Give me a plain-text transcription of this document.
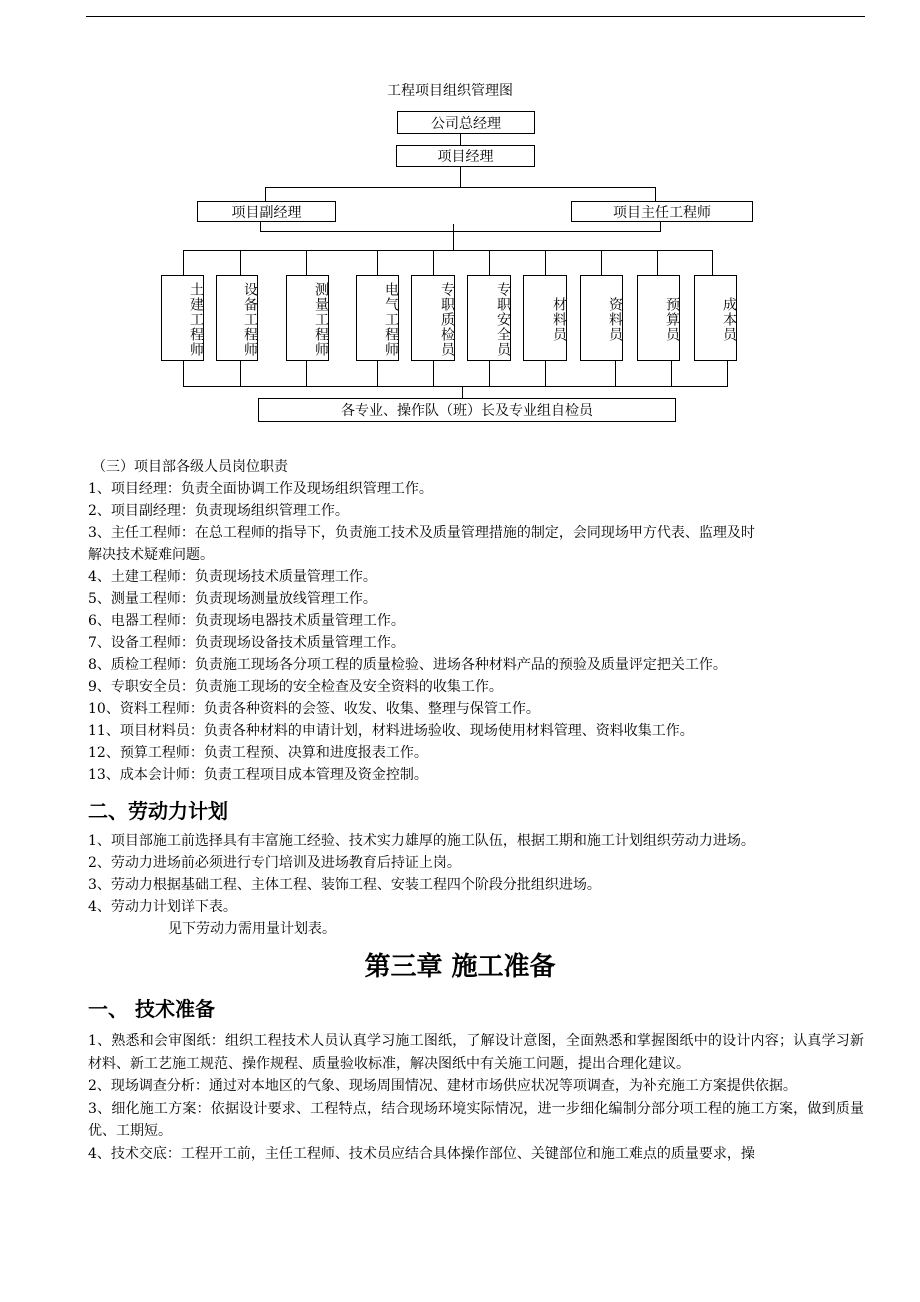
工程项目组织管理图
公司总经理
项目经理
项目副经理	项目主任工程师
土建工程师	设备工程师	测量工程师	电气工程师	专职质检员	专职安全员	材料员	资料员	预算员	成本员
各专业、操作队（班）长及专业组自检员
（三）项目部各级人员岗位职责
1、项目经理：负责全面协调工作及现场组织管理工作。
2、项目副经理：负责现场组织管理工作。
3、主任工程师：在总工程师的指导下，负责施工技术及质量管理措施的制定，会同现场甲方代表、监理及时
解决技术疑难问题。
4、土建工程师：负责现场技术质量管理工作。
5、测量工程师：负责现场测量放线管理工作。
6、电器工程师：负责现场电器技术质量管理工作。
7、设备工程师：负责现场设备技术质量管理工作。
8、质检工程师：负责施工现场各分项工程的质量检验、进场各种材料产品的预验及质量评定把关工作。
9、专职安全员：负责施工现场的安全检查及安全资料的收集工作。
10、资料工程师：负责各种资料的会签、收发、收集、整理与保管工作。
11、项目材料员：负责各种材料的申请计划，材料进场验收、现场使用材料管理、资料收集工作。
12、预算工程师：负责工程预、决算和进度报表工作。
13、成本会计师：负责工程项目成本管理及资金控制。
二、劳动力计划
1、项目部施工前选择具有丰富施工经验、技术实力雄厚的施工队伍，根据工期和施工计划组织劳动力进场。
2、劳动力进场前必须进行专门培训及进场教育后持证上岗。
3、劳动力根据基础工程、主体工程、装饰工程、安装工程四个阶段分批组织进场。
4、劳动力计划详下表。
见下劳动力需用量计划表。
第三章 施工准备
一、 技术准备
1、熟悉和会审图纸：组织工程技术人员认真学习施工图纸，了解设计意图，全面熟悉和掌握图纸中的设计内容；认真学习新材料、新工艺施工规范、操作规程、质量验收标准，解决图纸中有关施工问题，提出合理化建议。
2、现场调查分析：通过对本地区的气象、现场周围情况、建材市场供应状况等项调查，为补充施工方案提供依据。
3、细化施工方案：依据设计要求、工程特点，结合现场环境实际情况，进一步细化编制分部分项工程的施工方案，做到质量优、工期短。
4、技术交底：工程开工前，主任工程师、技术员应结合具体操作部位、关键部位和施工难点的质量要求，操
